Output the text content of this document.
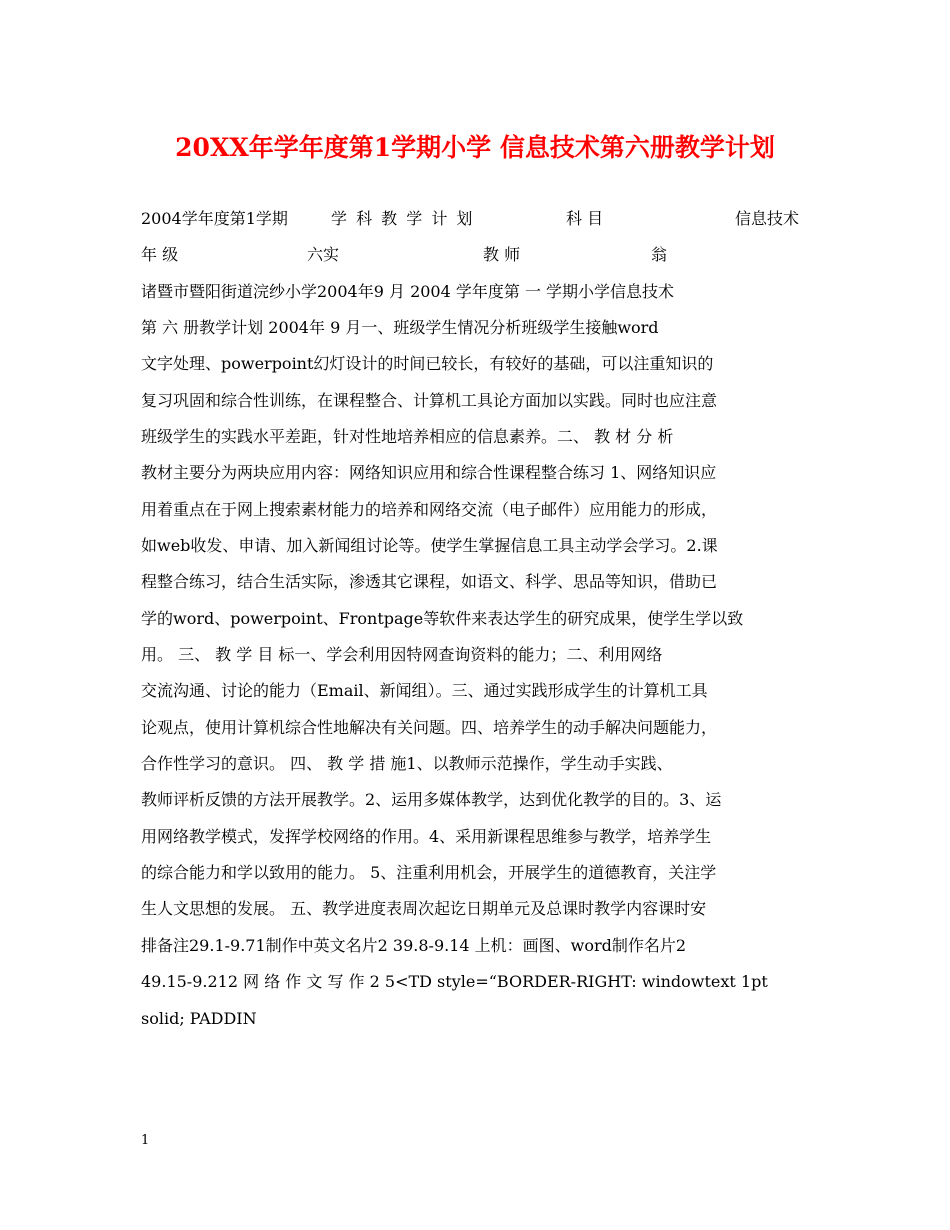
20XX年学年度第1学期小学 信息技术第六册教学计划
2004学年度第1学期	学 科 教 学 计 划	科 目	信息技术
年 级	六实	教 师	翁
诸暨市暨阳街道浣纱小学2004年9 月 2004 学年度第 一 学期小学信息技术
第 六 册教学计划 2004年 9 月一、班级学生情况分析班级学生接触word
文字处理、powerpoint幻灯设计的时间已较长，有较好的基础，可以注重知识的
复习巩固和综合性训练，在课程整合、计算机工具论方面加以实践。同时也应注意
班级学生的实践水平差距，针对性地培养相应的信息素养。二、 教 材 分 析
教材主要分为两块应用内容：网络知识应用和综合性课程整合练习 1、网络知识应
用着重点在于网上搜索素材能力的培养和网络交流（电子邮件）应用能力的形成，
如web收发、申请、加入新闻组讨论等。使学生掌握信息工具主动学会学习。2.课
程整合练习，结合生活实际，渗透其它课程，如语文、科学、思品等知识，借助已
学的word、powerpoint、Frontpage等软件来表达学生的研究成果，使学生学以致
用。 三、 教 学 目 标一、学会利用因特网查询资料的能力；二、利用网络
交流沟通、讨论的能力（Email、新闻组）。三、通过实践形成学生的计算机工具
论观点，使用计算机综合性地解决有关问题。四、培养学生的动手解决问题能力，
合作性学习的意识。 四、 教 学 措 施1、以教师示范操作，学生动手实践、
教师评析反馈的方法开展教学。2、运用多媒体教学，达到优化教学的目的。3、运
用网络教学模式，发挥学校网络的作用。4、采用新课程思维参与教学，培养学生
的综合能力和学以致用的能力。 5、注重利用机会，开展学生的道德教育，关注学
生人文思想的发展。 五、教学进度表周次起讫日期单元及总课时教学内容课时安
排备注29.1-9.71制作中英文名片2 39.8-9.14 上机：画图、word制作名片2
49.15-9.212 网 络 作 文 写 作 2 5<TD style=“BORDER-RIGHT: windowtext 1pt
solid; PADDIN
1
